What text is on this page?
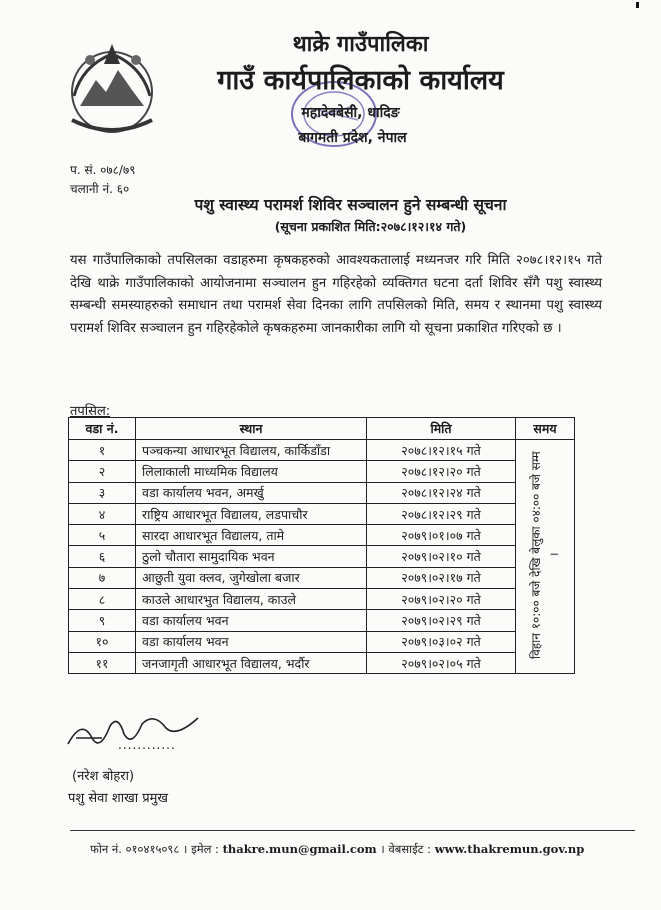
थाक्रे गाउँपालिका
गाउँ कार्यपालिकाको कार्यालय
महादेवबेसी, धादिङ
बागमती प्रदेश, नेपाल
प. सं. ०७८/७९
चलानी नं. ६०
पशु स्वास्थ्य परामर्श शिविर सञ्चालन हुने सम्बन्धी सूचना
(सूचना प्रकाशित मिति:२०७८।१२।१४ गते)
यस गाउँपालिकाको तपसिलका वडाहरुमा कृषकहरुको आवश्यकतालाई मध्यनजर गरि मिति २०७८।१२।१५ गते देखि थाक्रे गाउँपालिकाको आयोजनामा सञ्चालन हुन गहिरहेको व्यक्तिगत घटना दर्ता शिविर सँगै पशु स्वास्थ्य सम्बन्धी समस्याहरुको समाधान तथा परामर्श सेवा दिनका लागि तपसिलको मिति, समय र स्थानमा पशु स्वास्थ्य परामर्श शिविर सञ्चालन हुन गहिरहेकोले कृषकहरुमा जानकारीका लागि यो सूचना प्रकाशित गरिएको छ ।
तपसिल:
वडा नं.	स्थान	मिति	समय
१	पञ्चकन्या आधारभूत विद्यालय, कार्किडाँडा	२०७८।१२।१५ गते	विहान १०:०० बजे देखि बेलुका ०४:०० बजे सम्म ।
२	लिलाकाली माध्यमिक विद्यालय	२०७८।१२।२० गते	
३	वडा कार्यालय भवन, अमर्खु	२०७८।१२।२४ गते	
४	राष्ट्रिय आधारभूत विद्यालय, लडपाचौर	२०७८।१२।२९ गते	
५	सारदा आधारभूत विद्यालय, तामे	२०७९।०१।०७ गते	
६	ठुलो चौतारा सामुदायिक भवन	२०७९।०२।१० गते	
७	आछुती युवा क्लव, जुगेखोला बजार	२०७९।०२।१७ गते	
८	काउले आधारभुत विद्यालय, काउले	२०७९।०२।२० गते	
९	वडा कार्यालय भवन	२०७९।०२।२९ गते	
१०	वडा कार्यालय भवन	२०७९।०३।०२ गते	
११	जनजागृती आधारभूत विद्यालय, भर्दौर	२०७९।०२।०५ गते	
............
(नरेश बोहरा)
पशु सेवा शाखा प्रमुख
फोन नं. ०१०४१५०९८ । इमेल : thakre.mun@gmail.com । वेबसाईट : www.thakremun.gov.np
